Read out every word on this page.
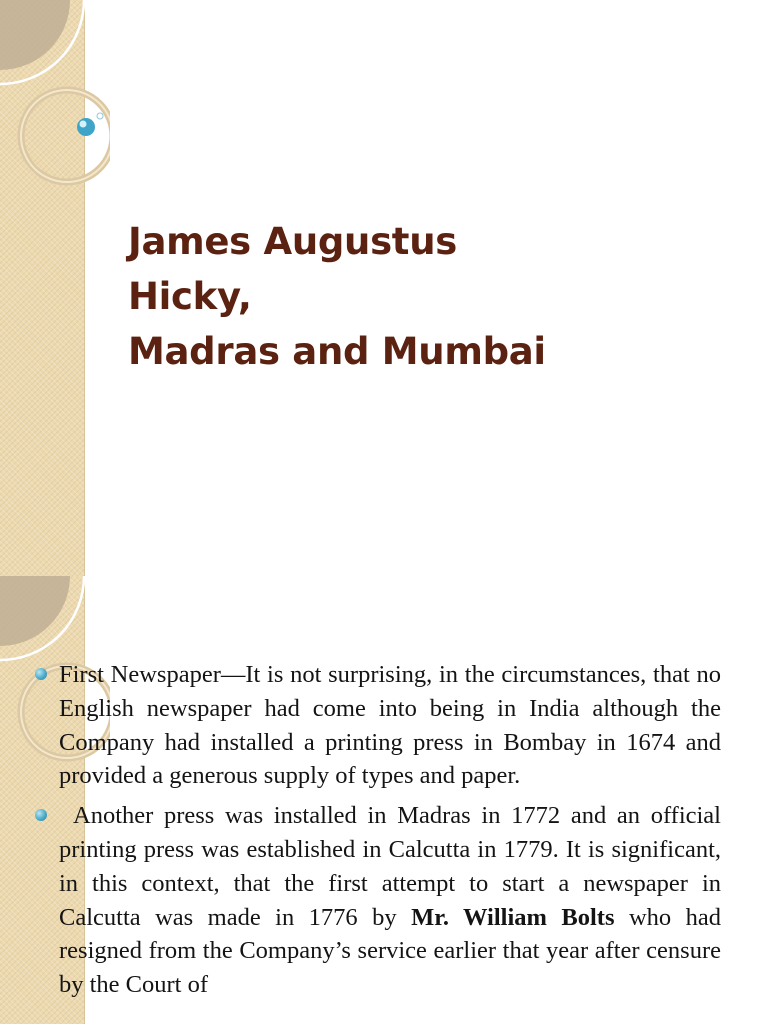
James Augustus
Hicky,
Madras and Mumbai
First Newspaper—It is not surprising, in the circumstances, that no English newspaper had come into being in India although the Company had installed a printing press in Bombay in 1674 and provided a generous supply of types and paper.
Another press was installed in Madras in 1772 and an official printing press was established in Calcutta in 1779. It is significant, in this context, that the first attempt to start a newspaper in Calcutta was made in 1776 by Mr. William Bolts who had resigned from the Company’s service earlier that year after censure by the Court of
